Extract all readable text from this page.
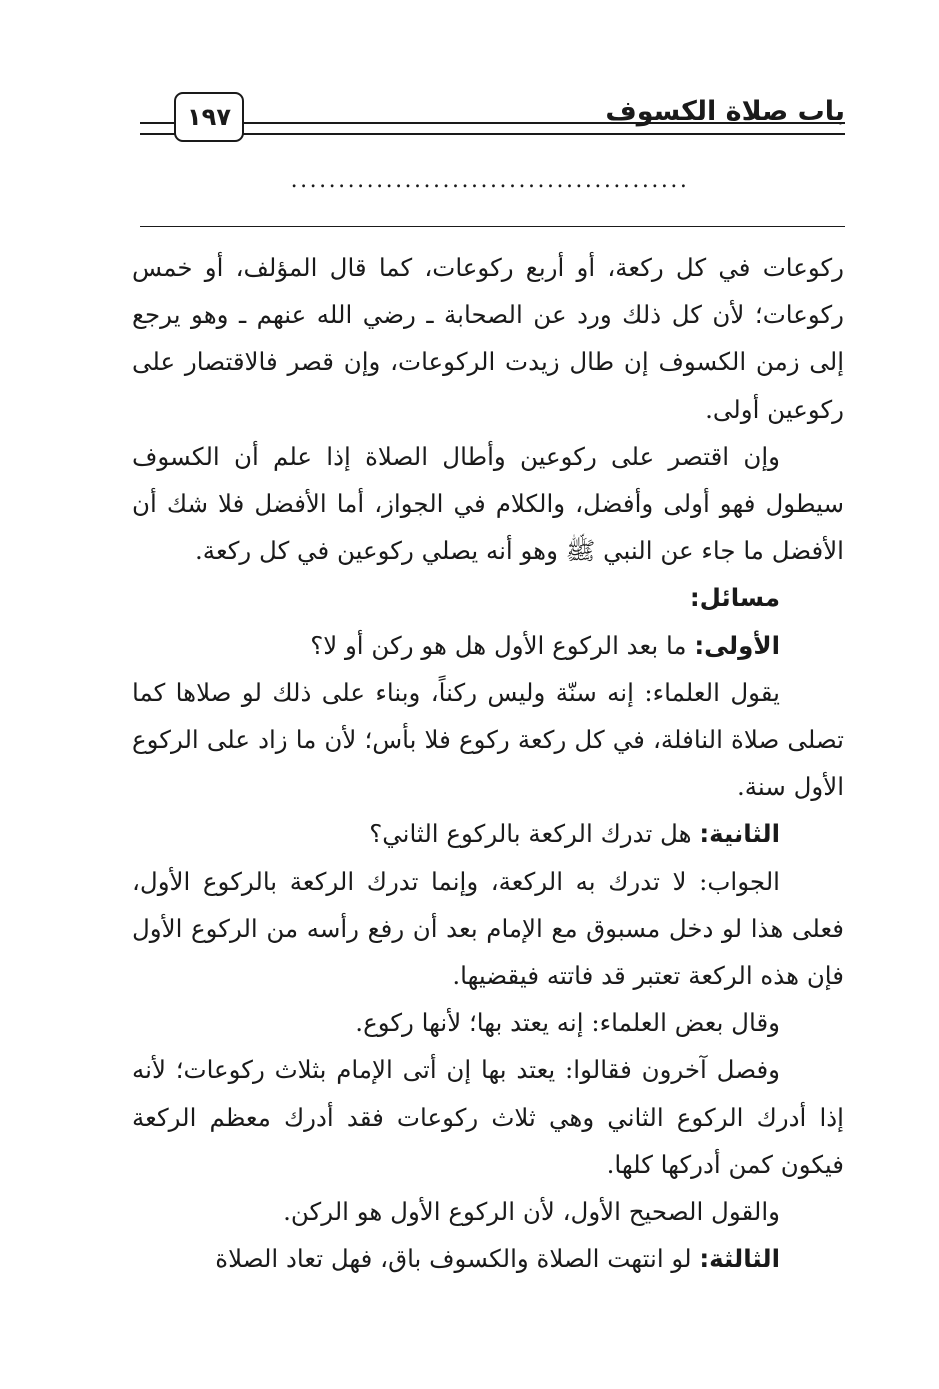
١٩٧	باب صلاة الكسوف
..........................................

ركوعات في كل ركعة، أو أربع ركوعات، كما قال المؤلف، أو خمس ركوعات؛ لأن كل ذلك ورد عن الصحابة ـ رضي الله عنهم ـ وهو يرجع إلى زمن الكسوف إن طال زيدت الركوعات، وإن قصر فالاقتصار على ركوعين أولى.

وإن اقتصر على ركوعين وأطال الصلاة إذا علم أن الكسوف سيطول فهو أولى وأفضل، والكلام في الجواز، أما الأفضل فلا شك أن الأفضل ما جاء عن النبي ﷺ وهو أنه يصلي ركوعين في كل ركعة.

مسائل:

الأولى: ما بعد الركوع الأول هل هو ركن أو لا؟

يقول العلماء: إنه سنّة وليس ركناً، وبناء على ذلك لو صلاها كما تصلى صلاة النافلة، في كل ركعة ركوع فلا بأس؛ لأن ما زاد على الركوع الأول سنة.

الثانية: هل تدرك الركعة بالركوع الثاني؟

الجواب: لا تدرك به الركعة، وإنما تدرك الركعة بالركوع الأول، فعلى هذا لو دخل مسبوق مع الإمام بعد أن رفع رأسه من الركوع الأول فإن هذه الركعة تعتبر قد فاتته فيقضيها.

وقال بعض العلماء: إنه يعتد بها؛ لأنها ركوع.

وفصل آخرون فقالوا: يعتد بها إن أتى الإمام بثلاث ركوعات؛ لأنه إذا أدرك الركوع الثاني وهي ثلاث ركوعات فقد أدرك معظم الركعة فيكون كمن أدركها كلها.

والقول الصحيح الأول، لأن الركوع الأول هو الركن.

الثالثة: لو انتهت الصلاة والكسوف باق، فهل تعاد الصلاة
